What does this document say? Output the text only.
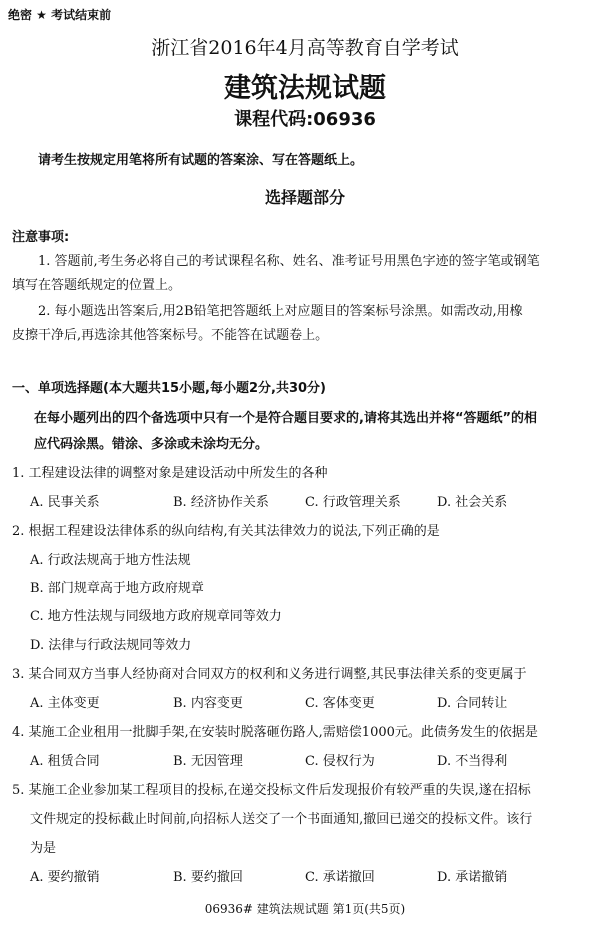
绝密 ★ 考试结束前
浙江省2016年4月高等教育自学考试
建筑法规试题
课程代码:06936
请考生按规定用笔将所有试题的答案涂、写在答题纸上。
选择题部分
注意事项:
1. 答题前,考生务必将自己的考试课程名称、姓名、准考证号用黑色字迹的签字笔或钢笔
填写在答题纸规定的位置上。
2. 每小题选出答案后,用2B铅笔把答题纸上对应题目的答案标号涂黑。如需改动,用橡
皮擦干净后,再选涂其他答案标号。不能答在试题卷上。
一、单项选择题(本大题共15小题,每小题2分,共30分)
在每小题列出的四个备选项中只有一个是符合题目要求的,请将其选出并将“答题纸”的相
应代码涂黑。错涂、多涂或未涂均无分。
1. 工程建设法律的调整对象是建设活动中所发生的各种
A. 民事关系	B. 经济协作关系	C. 行政管理关系	D. 社会关系
2. 根据工程建设法律体系的纵向结构,有关其法律效力的说法,下列正确的是
A. 行政法规高于地方性法规
B. 部门规章高于地方政府规章
C. 地方性法规与同级地方政府规章同等效力
D. 法律与行政法规同等效力
3. 某合同双方当事人经协商对合同双方的权利和义务进行调整,其民事法律关系的变更属于
A. 主体变更	B. 内容变更	C. 客体变更	D. 合同转让
4. 某施工企业租用一批脚手架,在安装时脱落砸伤路人,需赔偿1000元。此债务发生的依据是
A. 租赁合同	B. 无因管理	C. 侵权行为	D. 不当得利
5. 某施工企业参加某工程项目的投标,在递交投标文件后发现报价有较严重的失误,遂在招标
文件规定的投标截止时间前,向招标人送交了一个书面通知,撤回已递交的投标文件。该行
为是
A. 要约撤销	B. 要约撤回	C. 承诺撤回	D. 承诺撤销
06936# 建筑法规试题 第1页(共5页)
